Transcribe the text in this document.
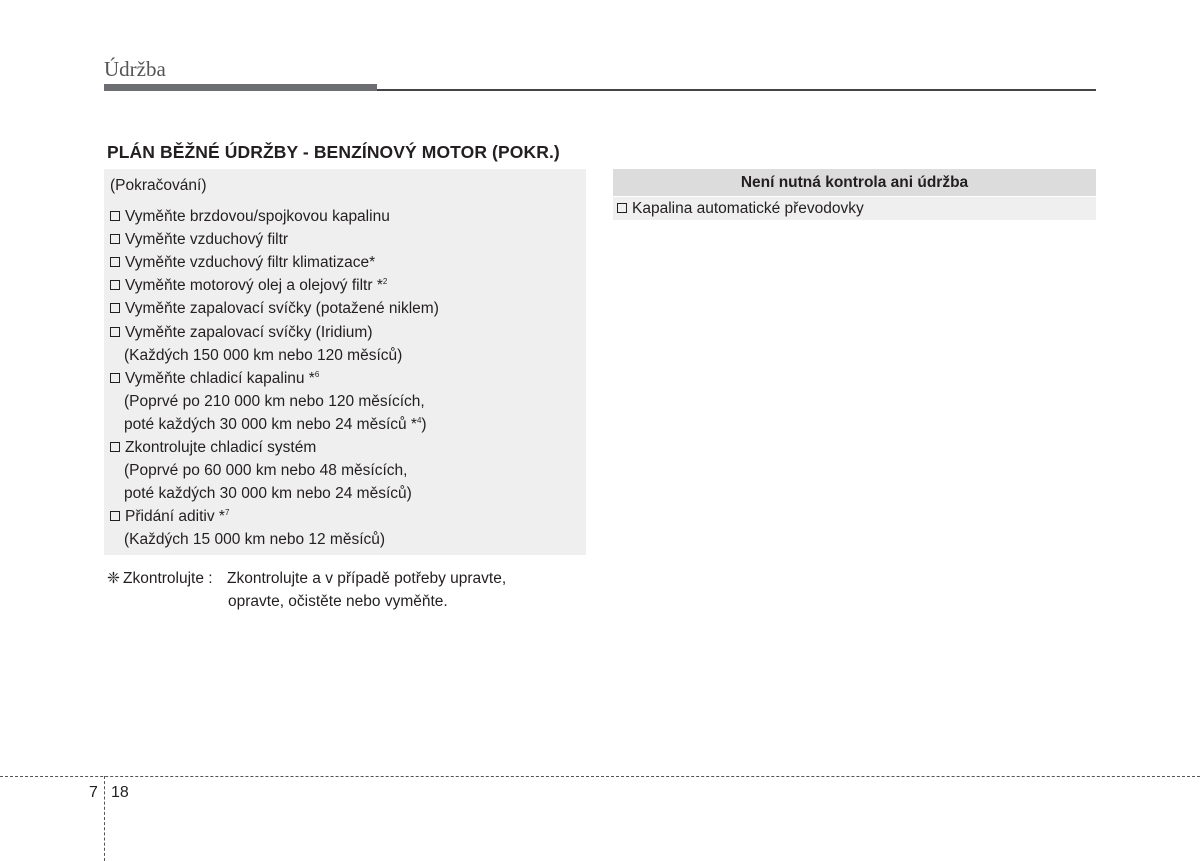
Údržba
PLÁN BĚŽNÉ ÚDRŽBY - BENZÍNOVÝ MOTOR (POKR.)
(Pokračování)
Vyměňte brzdovou/spojkovou kapalinu
Vyměňte vzduchový filtr
Vyměňte vzduchový filtr klimatizace*
Vyměňte motorový olej a olejový filtr *$^2$
Vyměňte zapalovací svíčky (potažené niklem)
Vyměňte zapalovací svíčky (Iridium)
(Každých 150 000 km nebo 120 měsíců)
Vyměňte chladicí kapalinu *$^6$
(Poprvé po 210 000 km nebo 120 měsících,
poté každých 30 000 km nebo 24 měsíců *$^4$)
Zkontrolujte chladicí systém
(Poprvé po 60 000 km nebo 48 měsících,
poté každých 30 000 km nebo 24 měsíců)
Přidání aditiv *$^7$
(Každých 15 000 km nebo 12 měsíců)
❈ Zkontrolujte : Zkontrolujte a v případě potřeby upravte,
opravte, očistěte nebo vyměňte.
Není nutná kontrola ani údržba
Kapalina automatické převodovky
7 18
